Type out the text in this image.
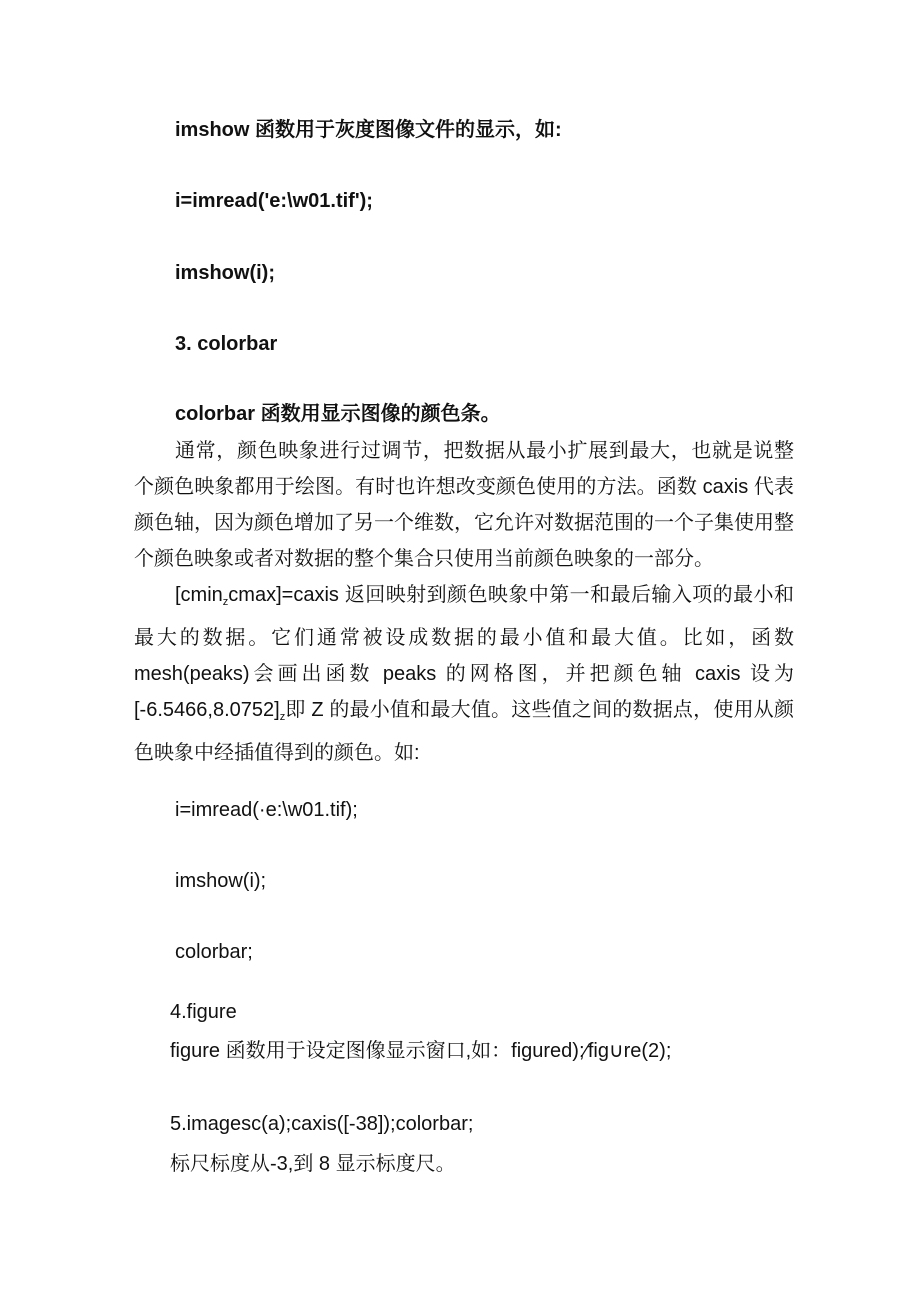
imshow 函数用于灰度图像文件的显示，如:
i=imread('e:\w01.tif');
imshow(i);
3. colorbar
colorbar 函数用显示图像的颜色条。
通常，颜色映象进行过调节，把数据从最小扩展到最大，也就是说整个颜色映象都用于绘图。有时也许想改变颜色使用的方法。函数 caxis 代表颜色轴，因为颜色增加了另一个维数，它允许对数据范围的一个子集使用整个颜色映象或者对数据的整个集合只使用当前颜色映象的一部分。
[cmin$_z$cmax]=caxis 返回映射到颜色映象中第一和最后输入项的最小和最大的数据。它们通常被设成数据的最小值和最大值。比如，函数 mesh(peaks)会画出函数 peaks 的网格图，并把颜色轴 caxis 设为$[-6.5466,8.0752]_z$即 Z 的最小值和最大值。这些值之间的数据点，使用从颜色映象中经插值得到的颜色。如:
i=imread(·e:\w01.tif);
imshow(i);
colorbar;
4.figure
figure 函数用于设定图像显示窗口,如：figured);∕fig∪re(2);
5.imagesc(a);caxis([-38]);colorbar;
标尺标度从-3,到 8 显示标度尺。
